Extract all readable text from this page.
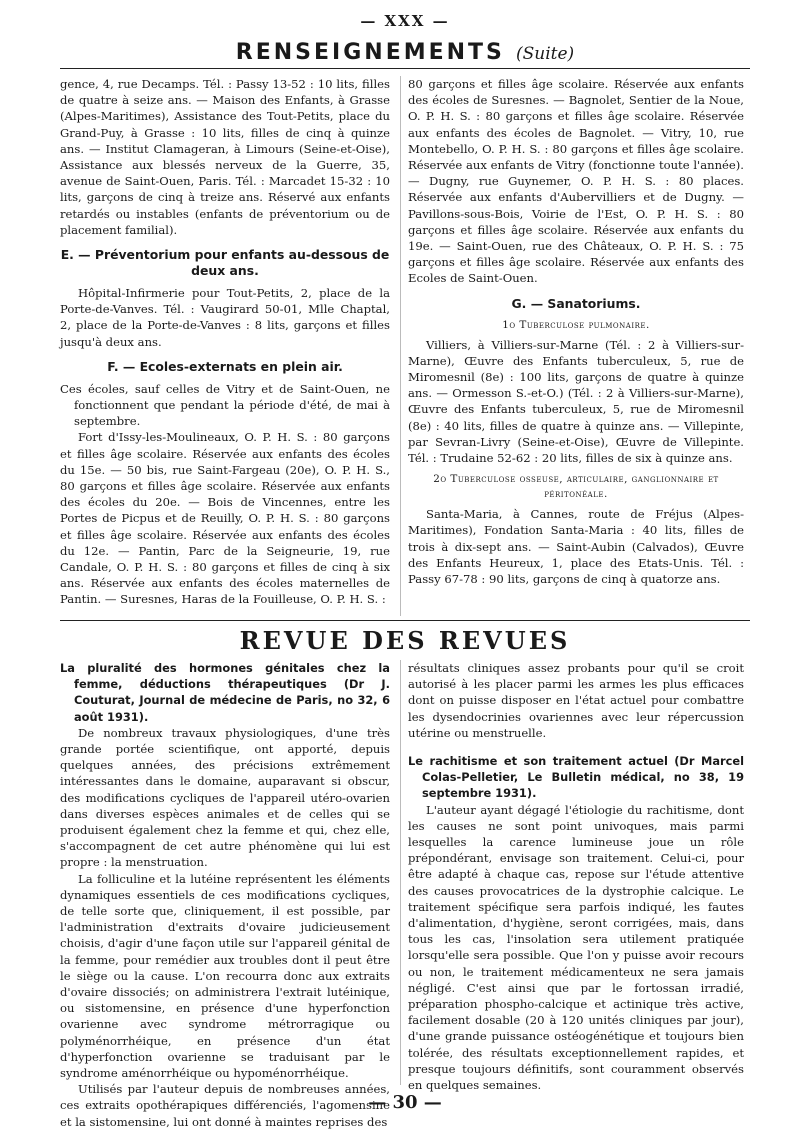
— XXX —
RENSEIGNEMENTS (Suite)

gence, 4, rue Decamps. Tél. : Passy 13-52 : 10 lits, filles de quatre à seize ans. — Maison des Enfants, à Grasse (Alpes-Maritimes), Assistance des Tout-Petits, place du Grand-Puy, à Grasse : 10 lits, filles de cinq à quinze ans. — Institut Clamageran, à Limours (Seine-et-Oise), Assistance aux blessés nerveux de la Guerre, 35, avenue de Saint-Ouen, Paris. Tél. : Marcadet 15-32 : 10 lits, garçons de cinq à treize ans. Réservé aux enfants retardés ou instables (enfants de préventorium ou de placement familial).

E. — Préventorium pour enfants au-dessous de deux ans.

Hôpital-Infirmerie pour Tout-Petits, 2, place de la Porte-de-Vanves. Tél. : Vaugirard 50-01, Mlle Chaptal, 2, place de la Porte-de-Vanves : 8 lits, garçons et filles jusqu'à deux ans.

F. — Ecoles-externats en plein air.

Ces écoles, sauf celles de Vitry et de Saint-Ouen, ne fonctionnent que pendant la période d'été, de mai à septembre.

Fort d'Issy-les-Moulineaux, O. P. H. S. : 80 garçons et filles âge scolaire. Réservée aux enfants des écoles du 15e. — 50 bis, rue Saint-Fargeau (20e), O. P. H. S., 80 garçons et filles âge scolaire. Réservée aux enfants des écoles du 20e. — Bois de Vincennes, entre les Portes de Picpus et de Reuilly, O. P. H. S. : 80 garçons et filles âge scolaire. Réservée aux enfants des écoles du 12e. — Pantin, Parc de la Seigneurie, 19, rue Candale, O. P. H. S. : 80 garçons et filles de cinq à six ans. Réservée aux enfants des écoles maternelles de Pantin. — Suresnes, Haras de la Fouilleuse, O. P. H. S. :

80 garçons et filles âge scolaire. Réservée aux enfants des écoles de Suresnes. — Bagnolet, Sentier de la Noue, O. P. H. S. : 80 garçons et filles âge scolaire. Réservée aux enfants des écoles de Bagnolet. — Vitry, 10, rue Montebello, O. P. H. S. : 80 garçons et filles âge scolaire. Réservée aux enfants de Vitry (fonctionne toute l'année). — Dugny, rue Guynemer, O. P. H. S. : 80 places. Réservée aux enfants d'Aubervilliers et de Dugny. — Pavillons-sous-Bois, Voirie de l'Est, O. P. H. S. : 80 garçons et filles âge scolaire. Réservée aux enfants du 19e. — Saint-Ouen, rue des Châteaux, O. P. H. S. : 75 garçons et filles âge scolaire. Réservée aux enfants des Ecoles de Saint-Ouen.

G. — Sanatoriums.
1o Tuberculose pulmonaire.

Villiers, à Villiers-sur-Marne (Tél. : 2 à Villiers-sur-Marne), Œuvre des Enfants tuberculeux, 5, rue de Miromesnil (8e) : 100 lits, garçons de quatre à quinze ans. — Ormesson S.-et-O.) (Tél. : 2 à Villiers-sur-Marne), Œuvre des Enfants tuberculeux, 5, rue de Miromesnil (8e) : 40 lits, filles de quatre à quinze ans. — Villepinte, par Sevran-Livry (Seine-et-Oise), Œuvre de Villepinte. Tél. : Trudaine 52-62 : 20 lits, filles de six à quinze ans.

2o Tuberculose osseuse, articulaire, ganglionnaire et péritonéale.

Santa-Maria, à Cannes, route de Fréjus (Alpes-Maritimes), Fondation Santa-Maria : 40 lits, filles de trois à dix-sept ans. — Saint-Aubin (Calvados), Œuvre des Enfants Heureux, 1, place des Etats-Unis. Tél. : Passy 67-78 : 90 lits, garçons de cinq à quatorze ans.

REVUE DES REVUES

La pluralité des hormones génitales chez la femme, déductions thérapeutiques (Dr J. Couturat, Journal de médecine de Paris, no 32, 6 août 1931).

De nombreux travaux physiologiques, d'une très grande portée scientifique, ont apporté, depuis quelques années, des précisions extrêmement intéressantes dans le domaine, auparavant si obscur, des modifications cycliques de l'appareil utéro-ovarien dans diverses espèces animales et de celles qui se produisent également chez la femme et qui, chez elle, s'accompagnent de cet autre phénomène qui lui est propre : la menstruation.

La folliculine et la lutéine représentent les éléments dynamiques essentiels de ces modifications cycliques, de telle sorte que, cliniquement, il est possible, par l'administration d'extraits d'ovaire judicieusement choisis, d'agir d'une façon utile sur l'appareil génital de la femme, pour remédier aux troubles dont il peut être le siège ou la cause. L'on recourra donc aux extraits d'ovaire dissociés; on administrera l'extrait lutéinique, ou sistomensine, en présence d'une hyperfonction ovarienne avec syndrome métrorragique ou polyménorrhéique, en présence d'un état d'hyperfonction ovarienne se traduisant par le syndrome aménorrhéique ou hypoménorrhéique.

Utilisés par l'auteur depuis de nombreuses années, ces extraits opothérapiques différenciés, l'agomensine et la sistomensine, lui ont donné à maintes reprises des

résultats cliniques assez probants pour qu'il se croit autorisé à les placer parmi les armes les plus efficaces dont on puisse disposer en l'état actuel pour combattre les dysendocrinies ovariennes avec leur répercussion utérine ou menstruelle.

Le rachitisme et son traitement actuel (Dr Marcel Colas-Pelletier, Le Bulletin médical, no 38, 19 septembre 1931).

L'auteur ayant dégagé l'étiologie du rachitisme, dont les causes ne sont point univoques, mais parmi lesquelles la carence lumineuse joue un rôle prépondérant, envisage son traitement. Celui-ci, pour être adapté à chaque cas, repose sur l'étude attentive des causes provocatrices de la dystrophie calcique. Le traitement spécifique sera parfois indiqué, les fautes d'alimentation, d'hygiène, seront corrigées, mais, dans tous les cas, l'insolation sera utilement pratiquée lorsqu'elle sera possible. Que l'on y puisse avoir recours ou non, le traitement médicamenteux ne sera jamais négligé. C'est ainsi que par le fortossan irradié, préparation phospho-calcique et actinique très active, facilement dosable (20 à 120 unités cliniques par jour), d'une grande puissance ostéogénétique et toujours bien tolérée, des résultats exceptionnellement rapides, et presque toujours définitifs, sont couramment observés en quelques semaines.

— 30 —
